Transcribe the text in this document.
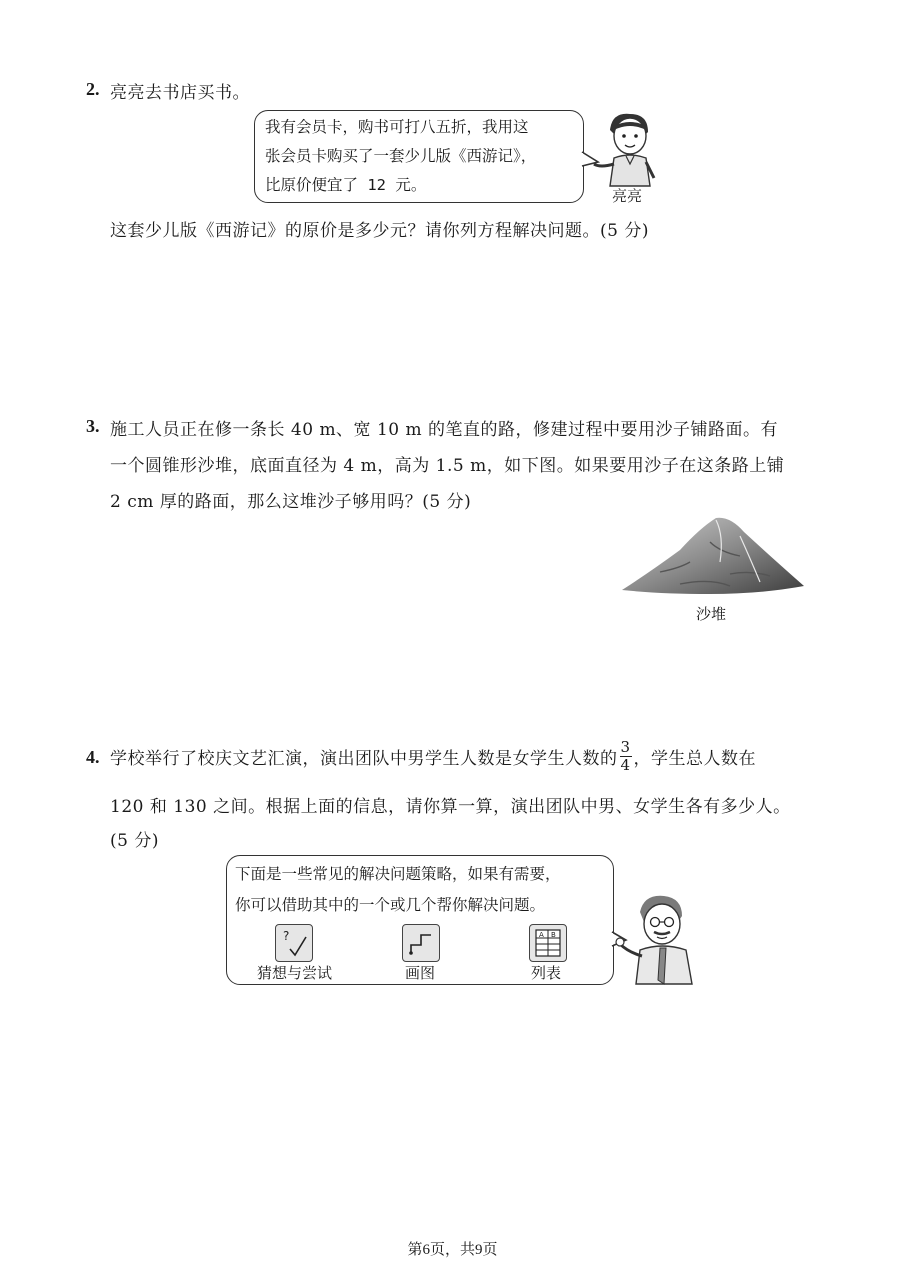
2. 亮亮去书店买书。
我有会员卡，购书可打八五折，我用这
张会员卡购买了一套少儿版《西游记》，
比原价便宜了 12 元。
亮亮
这套少儿版《西游记》的原价是多少元？请你列方程解决问题。(5 分)
3. 施工人员正在修一条长 40 m、宽 10 m 的笔直的路，修建过程中要用沙子铺路面。有
一个圆锥形沙堆，底面直径为 4 m，高为 1.5 m，如下图。如果要用沙子在这条路上铺
2 cm 厚的路面，那么这堆沙子够用吗？(5 分)
沙堆
4. 学校举行了校庆文艺汇演，演出团队中男学生人数是女学生人数的 $\frac{3}{4}$ ，学生总人数在
120 和 130 之间。根据上面的信息，请你算一算，演出团队中男、女学生各有多少人。
(5 分)
下面是一些常见的解决问题策略，如果有需要，
你可以借助其中的一个或几个帮你解决问题。
?
猜想与尝试	画图
A B
列表
第6页，共9页
